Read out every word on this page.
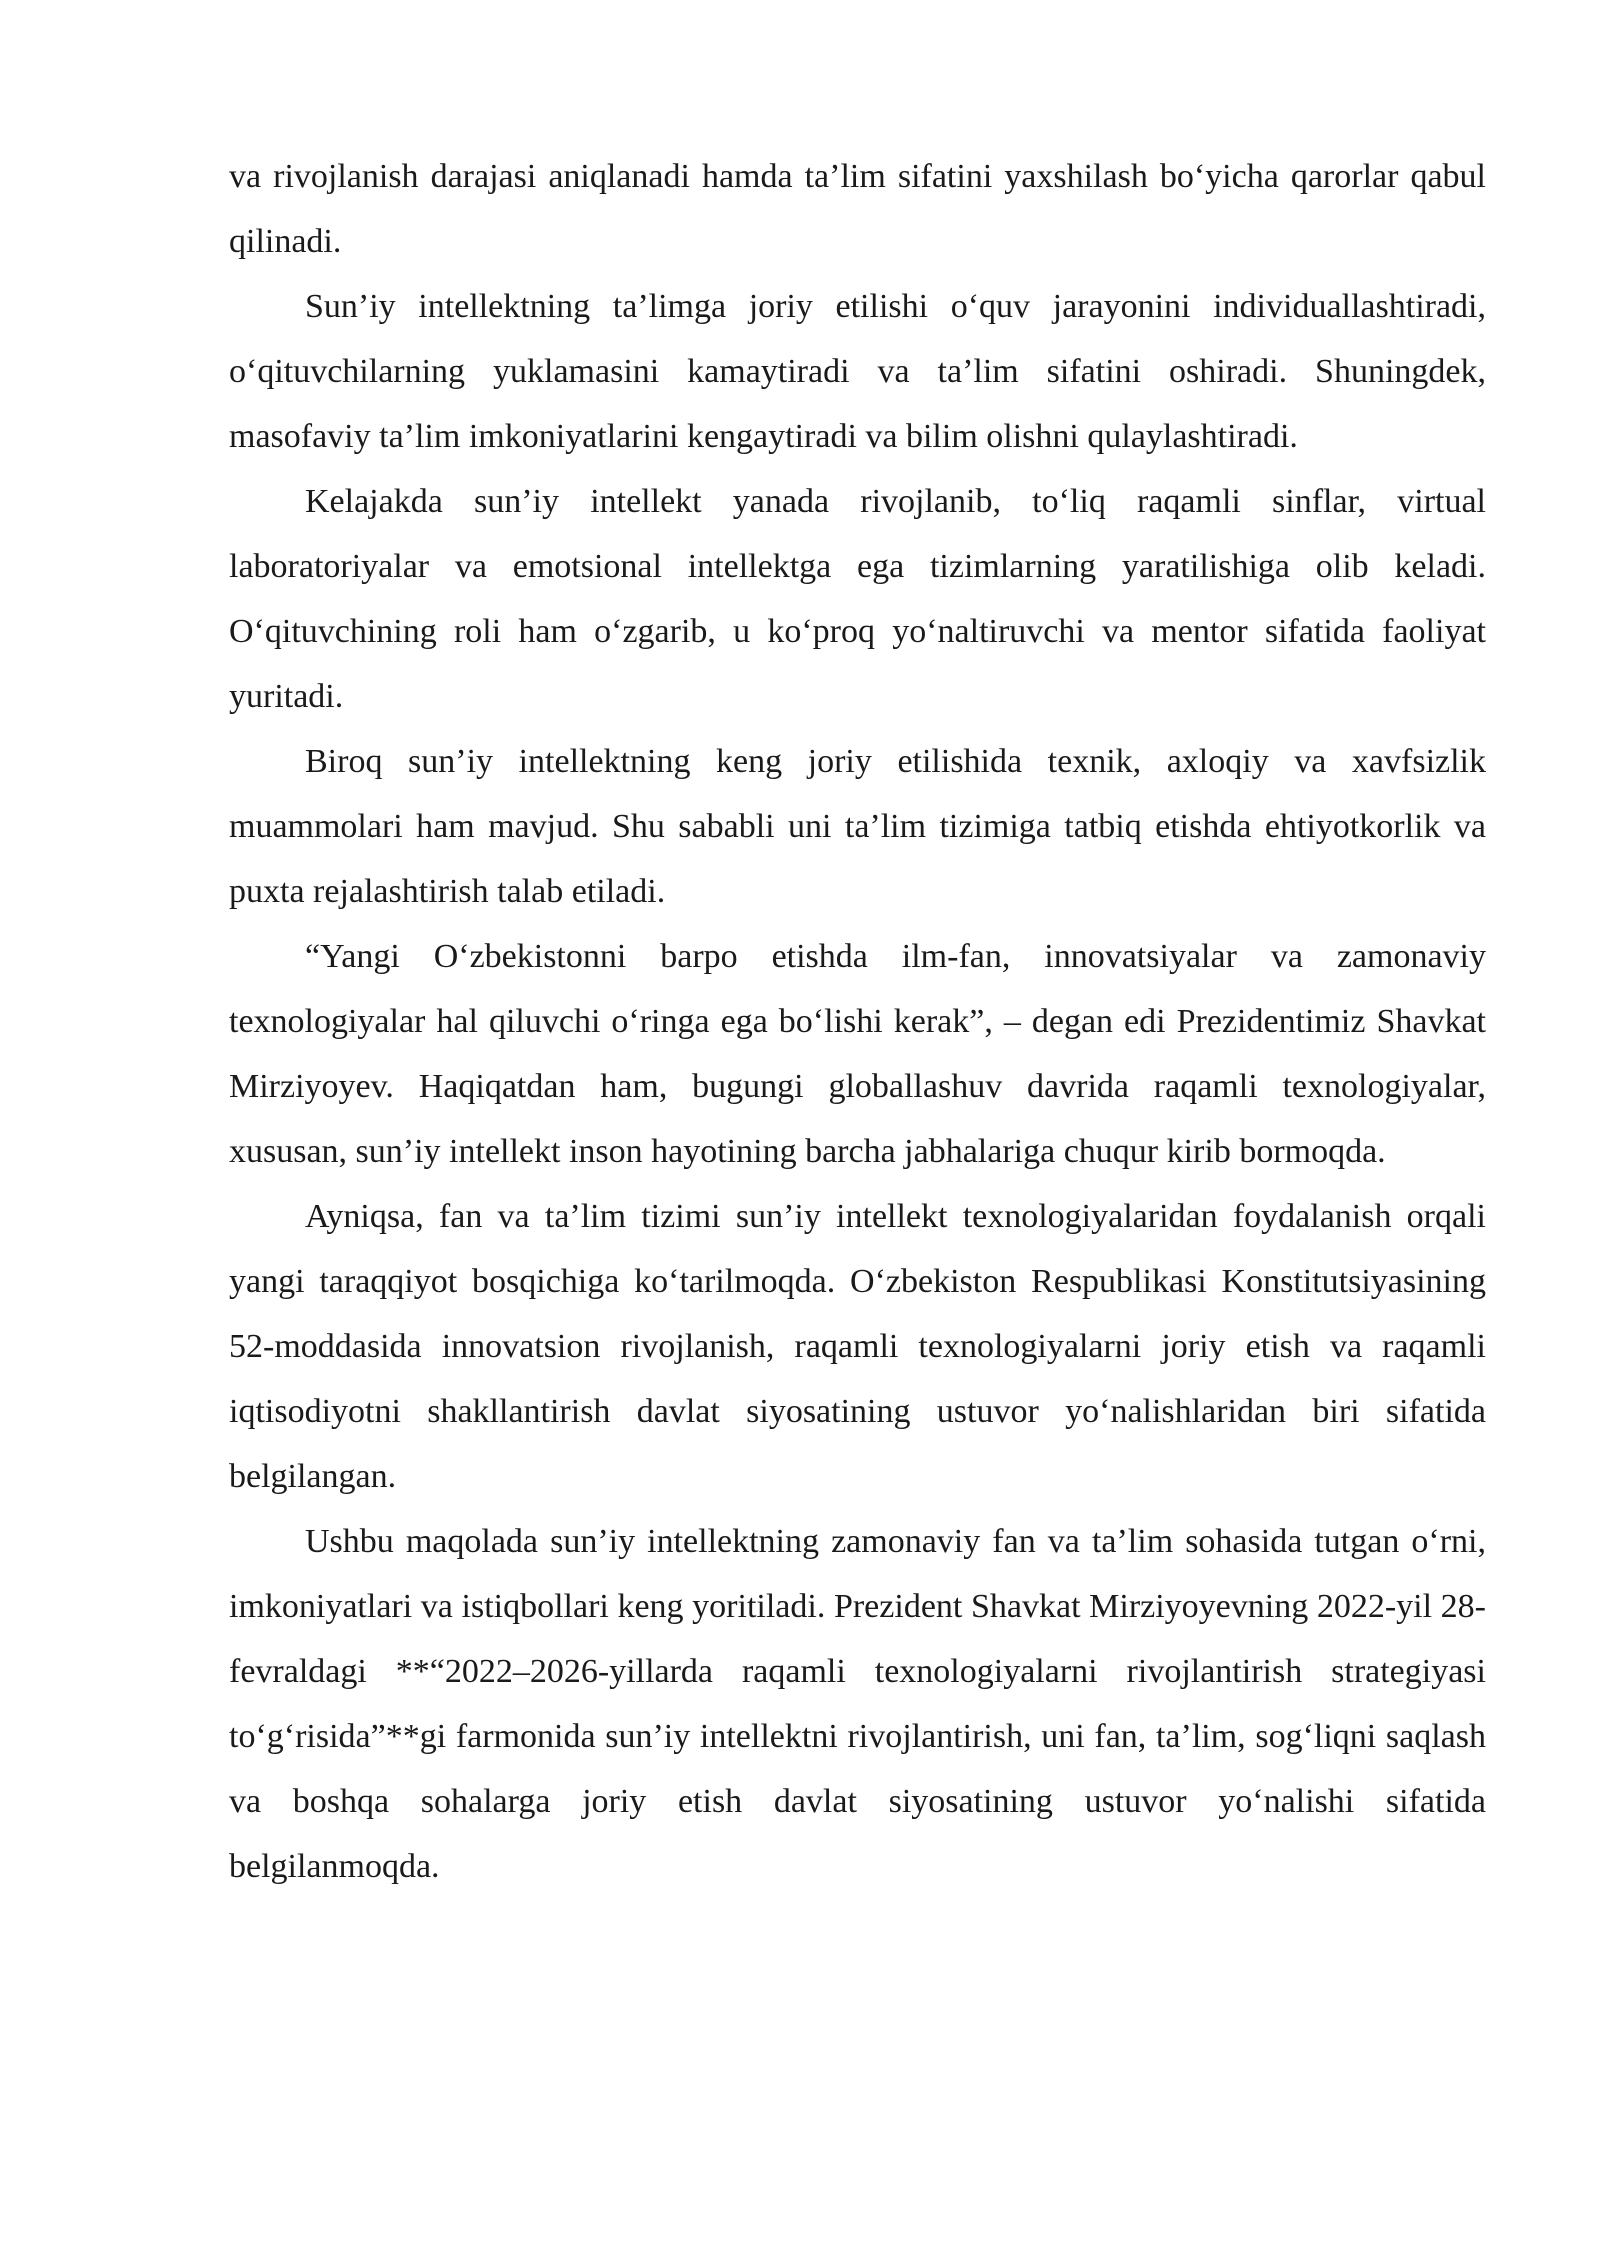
va rivojlanish darajasi aniqlanadi hamda ta’lim sifatini yaxshilash bo‘yicha qarorlar qabul qilinadi.

Sun’iy intellektning ta’limga joriy etilishi o‘quv jarayonini individuallashtiradi, o‘qituvchilarning yuklamasini kamaytiradi va ta’lim sifatini oshiradi. Shuningdek, masofaviy ta’lim imkoniyatlarini kengaytiradi va bilim olishni qulaylashtiradi.

Kelajakda sun’iy intellekt yanada rivojlanib, to‘liq raqamli sinflar, virtual laboratoriyalar va emotsional intellektga ega tizimlarning yaratilishiga olib keladi. O‘qituvchining roli ham o‘zgarib, u ko‘proq yo‘naltiruvchi va mentor sifatida faoliyat yuritadi.

Biroq sun’iy intellektning keng joriy etilishida texnik, axloqiy va xavfsizlik muammolari ham mavjud. Shu sababli uni ta’lim tizimiga tatbiq etishda ehtiyotkorlik va puxta rejalashtirish talab etiladi.

“Yangi O‘zbekistonni barpo etishda ilm-fan, innovatsiyalar va zamonaviy texnologiyalar hal qiluvchi o‘ringa ega bo‘lishi kerak”, – degan edi Prezidentimiz Shavkat Mirziyoyev. Haqiqatdan ham, bugungi globallashuv davrida raqamli texnologiyalar, xususan, sun’iy intellekt inson hayotining barcha jabhalariga chuqur kirib bormoqda.

Ayniqsa, fan va ta’lim tizimi sun’iy intellekt texnologiyalaridan foydalanish orqali yangi taraqqiyot bosqichiga ko‘tarilmoqda. O‘zbekiston Respublikasi Konstitutsiyasining 52-moddasida innovatsion rivojlanish, raqamli texnologiyalarni joriy etish va raqamli iqtisodiyotni shakllantirish davlat siyosatining ustuvor yo‘nalishlaridan biri sifatida belgilangan.

Ushbu maqolada sun’iy intellektning zamonaviy fan va ta’lim sohasida tutgan o‘rni, imkoniyatlari va istiqbollari keng yoritiladi. Prezident Shavkat Mirziyoyevning 2022-yil 28-fevraldagi **“2022–2026-yillarda raqamli texnologiyalarni rivojlantirish strategiyasi to‘g‘risida”**gi farmonida sun’iy intellektni rivojlantirish, uni fan, ta’lim, sog‘liqni saqlash va boshqa sohalarga joriy etish davlat siyosatining ustuvor yo‘nalishi sifatida belgilanmoqda.
